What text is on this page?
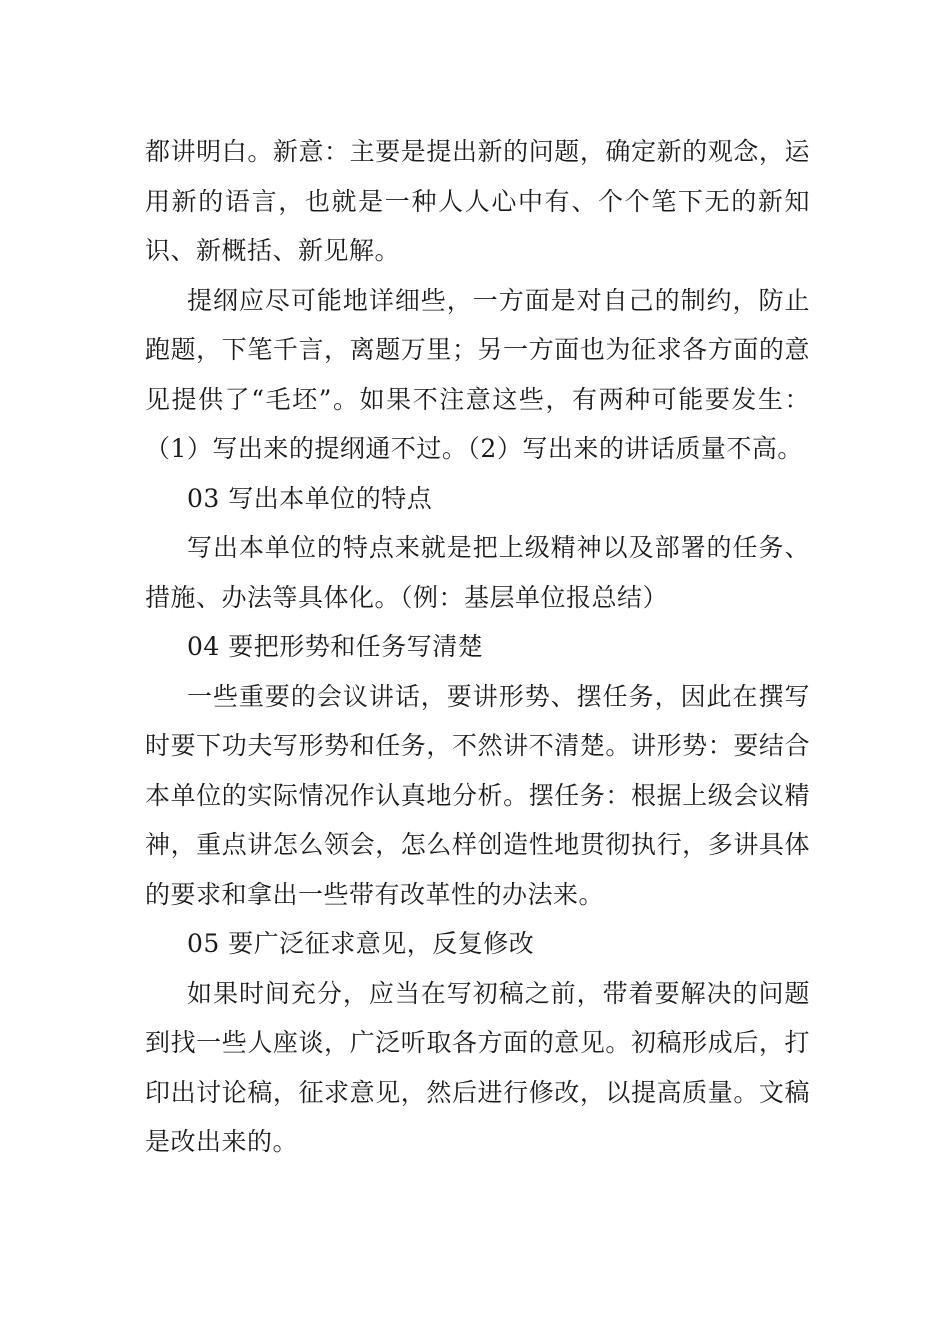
都讲明白。新意：主要是提出新的问题，确定新的观念，运用新的语言，也就是一种人人心中有、个个笔下无的新知识、新概括、新见解。

提纲应尽可能地详细些，一方面是对自己的制约，防止跑题，下笔千言，离题万里；另一方面也为征求各方面的意见提供了“毛坯”。如果不注意这些，有两种可能要发生：（1）写出来的提纲通不过。（2）写出来的讲话质量不高。

03 写出本单位的特点

写出本单位的特点来就是把上级精神以及部署的任务、措施、办法等具体化。（例：基层单位报总结）

04 要把形势和任务写清楚

一些重要的会议讲话，要讲形势、摆任务，因此在撰写时要下功夫写形势和任务，不然讲不清楚。讲形势：要结合本单位的实际情况作认真地分析。摆任务：根据上级会议精神，重点讲怎么领会，怎么样创造性地贯彻执行，多讲具体的要求和拿出一些带有改革性的办法来。

05 要广泛征求意见，反复修改

如果时间充分，应当在写初稿之前，带着要解决的问题到找一些人座谈，广泛听取各方面的意见。初稿形成后，打印出讨论稿，征求意见，然后进行修改，以提高质量。文稿是改出来的。
